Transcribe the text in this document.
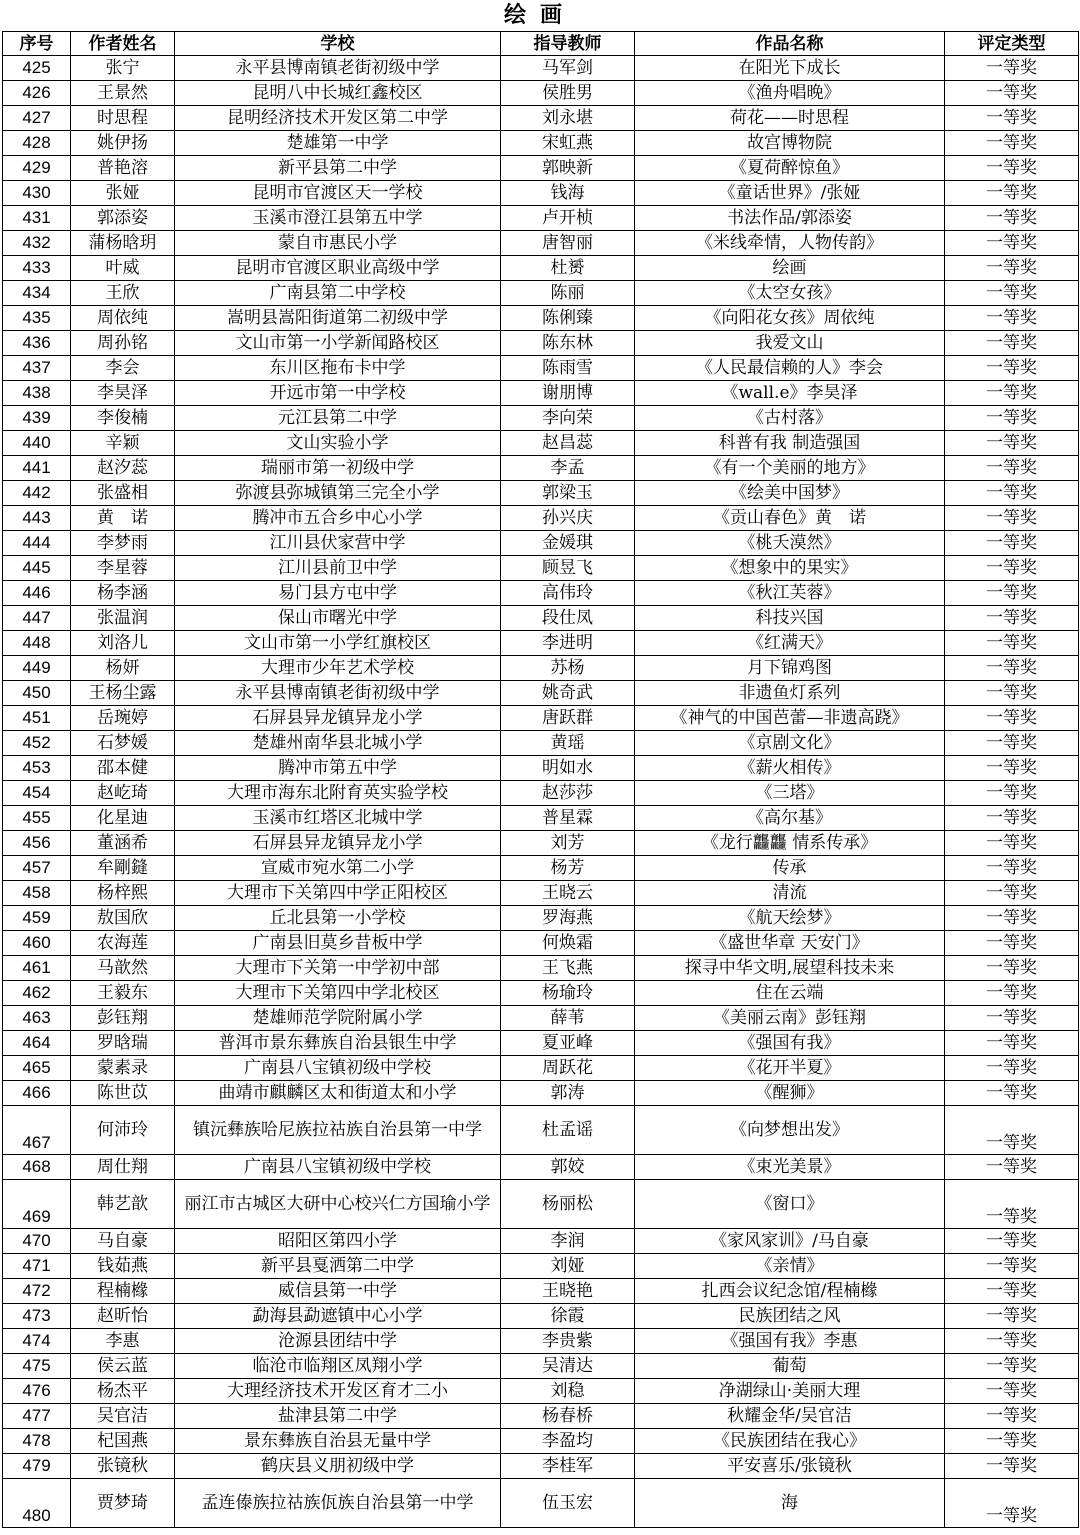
绘画
序号	作者姓名	学校	指导教师	作品名称	评定类型
425	张宁	永平县博南镇老街初级中学	马军剑	在阳光下成长	一等奖
426	王景然	昆明八中长城红鑫校区	侯胜男	《渔舟唱晚》	一等奖
427	时思程	昆明经济技术开发区第二中学	刘永堪	荷花——时思程	一等奖
428	姚伊扬	楚雄第一中学	宋虹燕	故宫博物院	一等奖
429	普艳溶	新平县第二中学	郭映新	《夏荷醉惊鱼》	一等奖
430	张娅	昆明市官渡区天一学校	钱海	《童话世界》/张娅	一等奖
431	郭添姿	玉溪市澄江县第五中学	卢开桢	书法作品/郭添姿	一等奖
432	蒲杨晗玥	蒙自市惠民小学	唐智丽	《米线牵情，人物传韵》	一等奖
433	叶威	昆明市官渡区职业高级中学	杜赟	绘画	一等奖
434	王欣	广南县第二中学校	陈丽	《太空女孩》	一等奖
435	周依纯	嵩明县嵩阳街道第二初级中学	陈俐臻	《向阳花女孩》周依纯	一等奖
436	周孙铭	文山市第一小学新闻路校区	陈东林	我爱文山	一等奖
437	李会	东川区拖布卡中学	陈雨雪	《人民最信赖的人》李会	一等奖
438	李昊泽	开远市第一中学校	谢朋博	《wall.e》李昊泽	一等奖
439	李俊楠	元江县第二中学	李向荣	《古村落》	一等奖
440	辛颖	文山实验小学	赵昌蕊	科普有我 制造强国	一等奖
441	赵汐蕊	瑞丽市第一初级中学	李孟	《有一个美丽的地方》	一等奖
442	张盛相	弥渡县弥城镇第三完全小学	郭梁玉	《绘美中国梦》	一等奖
443	黄　诺	腾冲市五合乡中心小学	孙兴庆	《贡山春色》黄　诺	一等奖
444	李梦雨	江川县伏家营中学	金媛琪	《桃夭漠然》	一等奖
445	李星蓉	江川县前卫中学	顾昱飞	《想象中的果实》	一等奖
446	杨李涵	易门县方屯中学	高伟玲	《秋江芙蓉》	一等奖
447	张温润	保山市曙光中学	段仕凤	科技兴国	一等奖
448	刘洛儿	文山市第一小学红旗校区	李进明	《红满天》	一等奖
449	杨妍	大理市少年艺术学校	苏杨	月下锦鸡图	一等奖
450	王杨尘露	永平县博南镇老街初级中学	姚奇武	非遗鱼灯系列	一等奖
451	岳琬婷	石屏县异龙镇异龙小学	唐跃群	《神气的中国芭蕾—非遗高跷》	一等奖
452	石梦媛	楚雄州南华县北城小学	黄瑶	《京剧文化》	一等奖
453	邵本健	腾冲市第五中学	明如水	《薪火相传》	一等奖
454	赵屹琦	大理市海东北附育英实验学校	赵莎莎	《三塔》	一等奖
455	化星迪	玉溪市红塔区北城中学	普星霖	《高尔基》	一等奖
456	董涵希	石屏县异龙镇异龙小学	刘芳	《龙行龘龘 情系传承》	一等奖
457	牟剛鏠	宣威市宛水第二小学	杨芳	传承	一等奖
458	杨梓熙	大理市下关第四中学正阳校区	王晓云	清流	一等奖
459	敖国欣	丘北县第一小学校	罗海燕	《航天绘梦》	一等奖
460	农海莲	广南县旧莫乡昔板中学	何焕霜	《盛世华章 天安门》	一等奖
461	马歆然	大理市下关第一中学初中部	王飞燕	探寻中华文明,展望科技未来	一等奖
462	王毅东	大理市下关第四中学北校区	杨瑜玲	住在云端	一等奖
463	彭钰翔	楚雄师范学院附属小学	薛苇	《美丽云南》彭钰翔	一等奖
464	罗晗瑞	普洱市景东彝族自治县银生中学	夏亚峰	《强国有我》	一等奖
465	蒙素录	广南县八宝镇初级中学校	周跃花	《花开半夏》	一等奖
466	陈世苡	曲靖市麒麟区太和街道太和小学	郭涛	《醒狮》	一等奖
467	何沛玲	镇沅彝族哈尼族拉祜族自治县第一中学	杜孟谣	《向梦想出发》	一等奖
468	周仕翔	广南县八宝镇初级中学校	郭姣	《束光美景》	一等奖
469	韩艺歆	丽江市古城区大研中心校兴仁方国瑜小学	杨丽松	《窗口》	一等奖
470	马自豪	昭阳区第四小学	李润	《家风家训》/马自豪	一等奖
471	钱茹燕	新平县戛洒第二中学	刘娅	《亲情》	一等奖
472	程楠橼	威信县第一中学	王晓艳	扎西会议纪念馆/程楠橼	一等奖
473	赵昕怡	勐海县勐遮镇中心小学	徐霞	民族团结之风	一等奖
474	李惠	沧源县团结中学	李贵紫	《强国有我》李惠	一等奖
475	侯云蓝	临沧市临翔区凤翔小学	吴清达	葡萄	一等奖
476	杨杰平	大理经济技术开发区育才二小	刘稳	净湖绿山·美丽大理	一等奖
477	吴官洁	盐津县第二中学	杨春桥	秋耀金华/吴官洁	一等奖
478	杞国燕	景东彝族自治县无量中学	李盈均	《民族团结在我心》	一等奖
479	张镜秋	鹤庆县义朋初级中学	李桂军	平安喜乐/张镜秋	一等奖
480	贾梦琦	孟连傣族拉祜族佤族自治县第一中学	伍玉宏	海	一等奖
